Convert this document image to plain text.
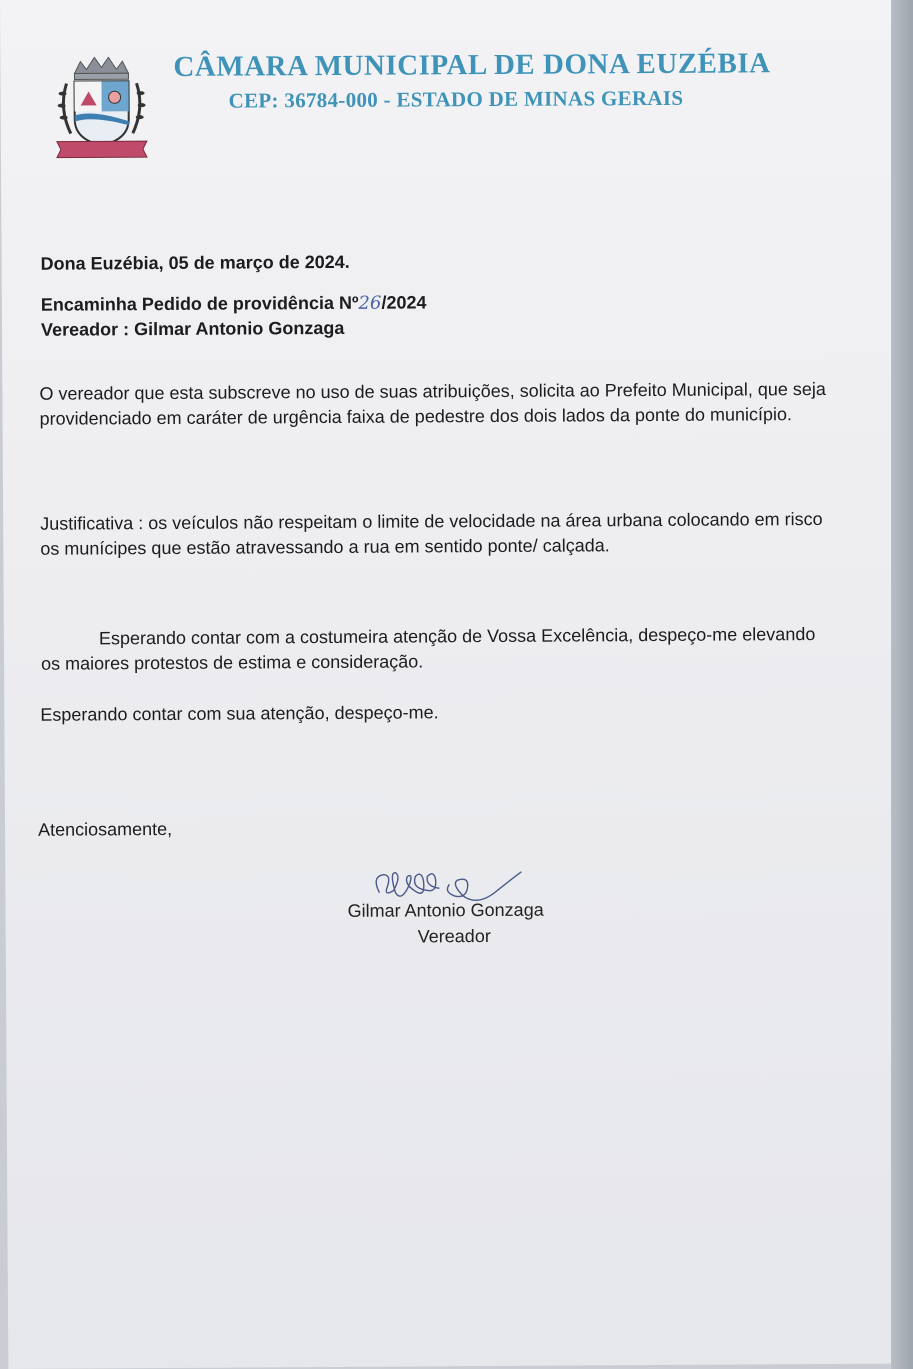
CÂMARA MUNICIPAL DE DONA EUZÉBIA
CEP: 36784-000 - ESTADO DE MINAS GERAIS
Dona Euzébia, 05 de março de 2024.
Encaminha Pedido de providência Nº26/2024
Vereador : Gilmar Antonio Gonzaga
O vereador que esta subscreve no uso de suas atribuições, solicita ao Prefeito Municipal, que seja providenciado em caráter de urgência faixa de pedestre dos dois lados da ponte do município.
Justificativa : os veículos não respeitam o limite de velocidade na área urbana colocando em risco os munícipes que estão atravessando a rua em sentido ponte/ calçada.
Esperando contar com a costumeira atenção de Vossa Excelência, despeço-me elevando os maiores protestos de estima e consideração.
Esperando contar com sua atenção, despeço-me.
Atenciosamente,
Gilmar Antonio Gonzaga
Vereador
